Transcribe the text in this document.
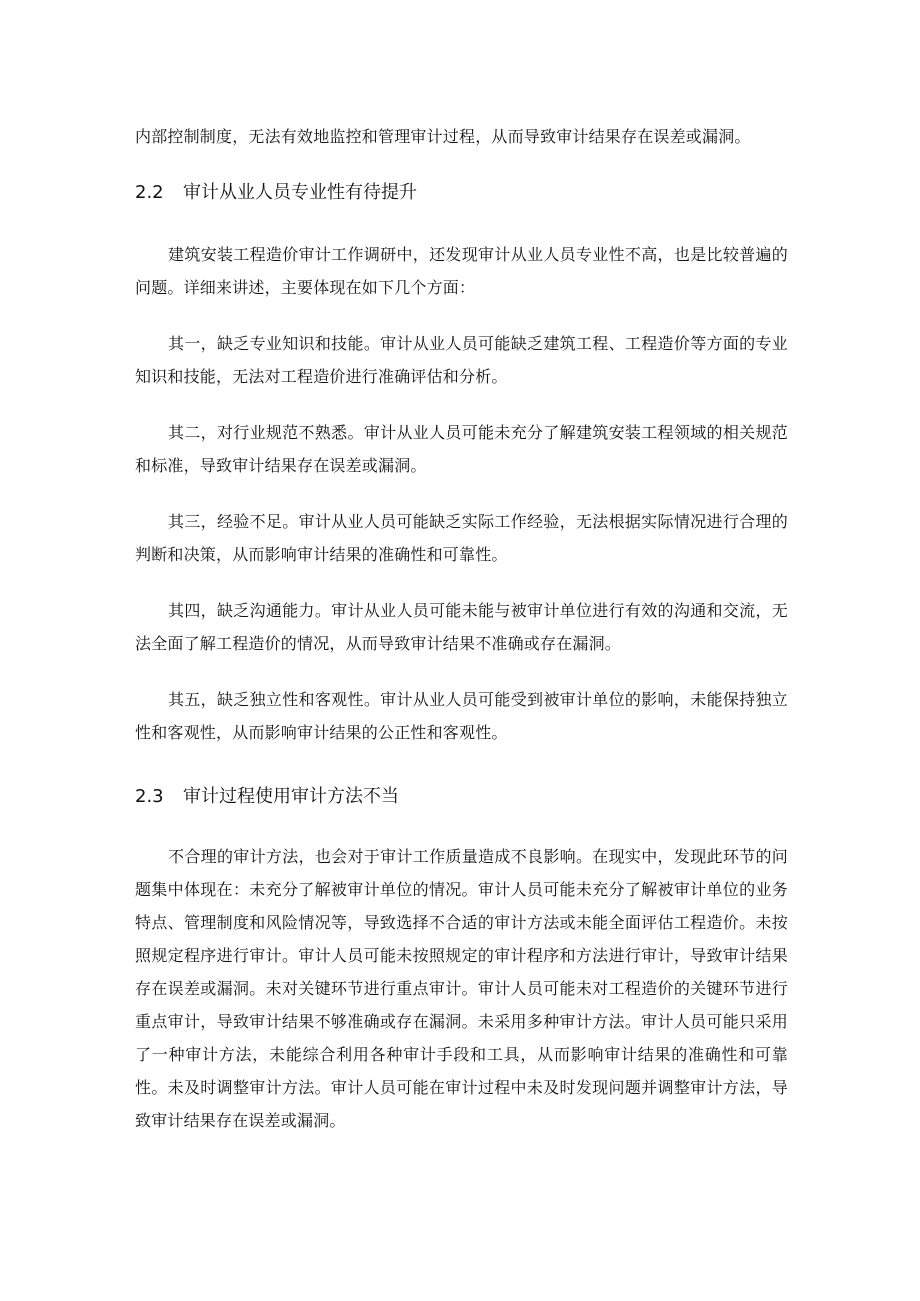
内部控制制度，无法有效地监控和管理审计过程，从而导致审计结果存在误差或漏洞。

2.2 审计从业人员专业性有待提升

建筑安装工程造价审计工作调研中，还发现审计从业人员专业性不高，也是比较普遍的问题。详细来讲述，主要体现在如下几个方面：

其一，缺乏专业知识和技能。审计从业人员可能缺乏建筑工程、工程造价等方面的专业知识和技能，无法对工程造价进行准确评估和分析。

其二，对行业规范不熟悉。审计从业人员可能未充分了解建筑安装工程领域的相关规范和标准，导致审计结果存在误差或漏洞。

其三，经验不足。审计从业人员可能缺乏实际工作经验，无法根据实际情况进行合理的判断和决策，从而影响审计结果的准确性和可靠性。

其四，缺乏沟通能力。审计从业人员可能未能与被审计单位进行有效的沟通和交流，无法全面了解工程造价的情况，从而导致审计结果不准确或存在漏洞。

其五，缺乏独立性和客观性。审计从业人员可能受到被审计单位的影响，未能保持独立性和客观性，从而影响审计结果的公正性和客观性。

2.3 审计过程使用审计方法不当

不合理的审计方法，也会对于审计工作质量造成不良影响。在现实中，发现此环节的问题集中体现在：未充分了解被审计单位的情况。审计人员可能未充分了解被审计单位的业务特点、管理制度和风险情况等，导致选择不合适的审计方法或未能全面评估工程造价。未按照规定程序进行审计。审计人员可能未按照规定的审计程序和方法进行审计，导致审计结果存在误差或漏洞。未对关键环节进行重点审计。审计人员可能未对工程造价的关键环节进行重点审计，导致审计结果不够准确或存在漏洞。未采用多种审计方法。审计人员可能只采用了一种审计方法，未能综合利用各种审计手段和工具，从而影响审计结果的准确性和可靠性。未及时调整审计方法。审计人员可能在审计过程中未及时发现问题并调整审计方法，导致审计结果存在误差或漏洞。
